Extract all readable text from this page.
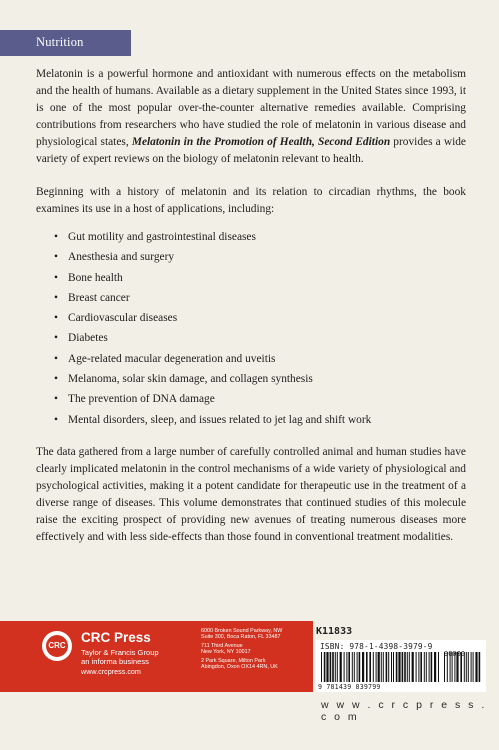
Nutrition

Melatonin is a powerful hormone and antioxidant with numerous effects on the metabolism and the health of humans. Available as a dietary supplement in the United States since 1993, it is one of the most popular over-the-counter alternative remedies available. Comprising contributions from researchers who have studied the role of melatonin in various disease and physiological states, Melatonin in the Promotion of Health, Second Edition provides a wide variety of expert reviews on the biology of melatonin relevant to health.

Beginning with a history of melatonin and its relation to circadian rhythms, the book examines its use in a host of applications, including:

• Gut motility and gastrointestinal diseases
• Anesthesia and surgery
• Bone health
• Breast cancer
• Cardiovascular diseases
• Diabetes
• Age-related macular degeneration and uveitis
• Melanoma, solar skin damage, and collagen synthesis
• The prevention of DNA damage
• Mental disorders, sleep, and issues related to jet lag and shift work

The data gathered from a large number of carefully controlled animal and human studies have clearly implicated melatonin in the control mechanisms of a wide variety of physiological and psychological activities, making it a potent candidate for therapeutic use in the treatment of a diverse range of diseases. This volume demonstrates that continued studies of this molecule raise the exciting prospect of providing new avenues of treating numerous diseases more effectively and with less side-effects than those found in conventional treatment modalities.

CRC
CRC Press
Taylor & Francis Group
an informa business
www.crcpress.com
6000 Broken Sound Parkway, NW
Suite 300, Boca Raton, FL 33487
711 Third Avenue
New York, NY 10017
2 Park Square, Milton Park
Abingdon, Oxon OX14 4RN, UK
K11833
ISBN: 978-1-4398-3979-9
9 781439 839799
w w w . c r c p r e s s . c o m
